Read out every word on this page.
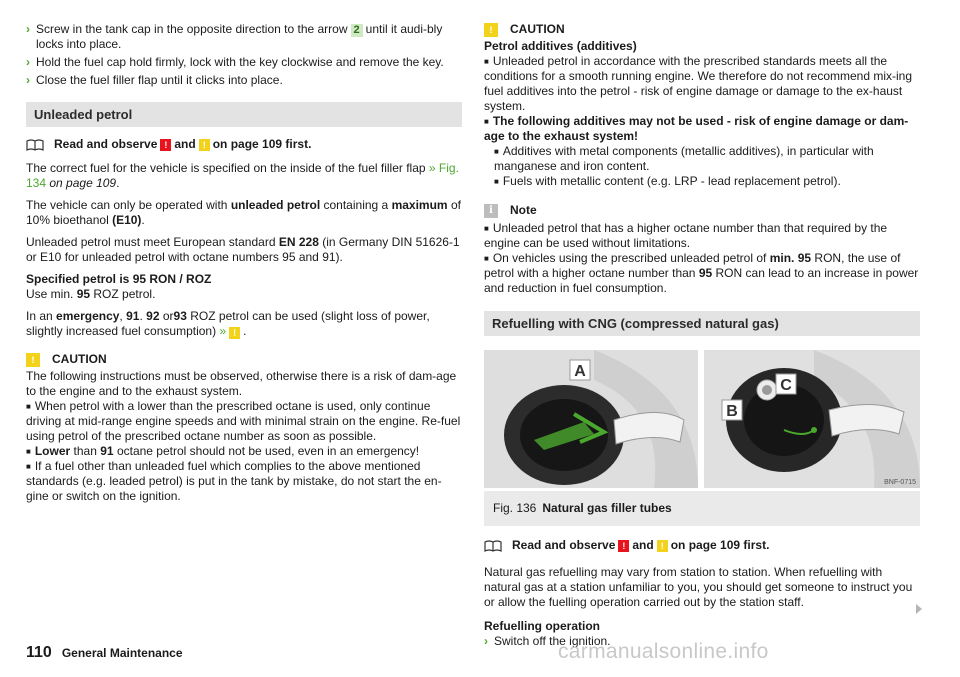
› Screw in the tank cap in the opposite direction to the arrow 2 until it audi-bly locks into place.
› Hold the fuel cap hold firmly, lock with the key clockwise and remove the key.
› Close the fuel filler flap until it clicks into place.
Unleaded petrol
Read and observe ! and ! on page 109 first.
The correct fuel for the vehicle is specified on the inside of the fuel filler flap » Fig. 134 on page 109.
The vehicle can only be operated with unleaded petrol containing a maximum of 10% bioethanol (E10).
Unleaded petrol must meet European standard EN 228 (in Germany DIN 51626-1 or E10 for unleaded petrol with octane numbers 95 and 91).
Specified petrol is 95 RON / ROZ
Use min. 95 ROZ petrol.
In an emergency, 91. 92 or93 ROZ petrol can be used (slight loss of power, slightly increased fuel consumption) » ! .
!	CAUTION
The following instructions must be observed, otherwise there is a risk of dam-age to the engine and to the exhaust system.
■ When petrol with a lower than the prescribed octane is used, only continue driving at mid-range engine speeds and with minimal strain on the engine. Re-fuel using petrol of the prescribed octane number as soon as possible.
■ Lower than 91 octane petrol should not be used, even in an emergency!
■ If a fuel other than unleaded fuel which complies to the above mentioned standards (e.g. leaded petrol) is put in the tank by mistake, do not start the en-gine or switch on the ignition.
!	CAUTION
Petrol additives (additives)
■ Unleaded petrol in accordance with the prescribed standards meets all the conditions for a smooth running engine. We therefore do not recommend mix-ing fuel additives into the petrol - risk of engine damage or damage to the ex-haust system.
■ The following additives may not be used - risk of engine damage or dam-age to the exhaust system!
■ Additives with metal components (metallic additives), in particular with manganese and iron content.
■ Fuels with metallic content (e.g. LRP - lead replacement petrol).
i	Note
■ Unleaded petrol that has a higher octane number than that required by the engine can be used without limitations.
■ On vehicles using the prescribed unleaded petrol of min. 95 RON, the use of petrol with a higher octane number than 95 RON can lead to an increase in power and reduction in fuel consumption.
Refuelling with CNG (compressed natural gas)
A
C
B
BNF-0715
Fig. 136 Natural gas filler tubes
Read and observe ! and ! on page 109 first.
Natural gas refuelling may vary from station to station. When refuelling with natural gas at a station unfamiliar to you, you should get someone to instruct you or allow the fuelling operation carried out by the station staff.
Refuelling operation
› Switch off the ignition.
110 General Maintenance	carmanualsonline.info
